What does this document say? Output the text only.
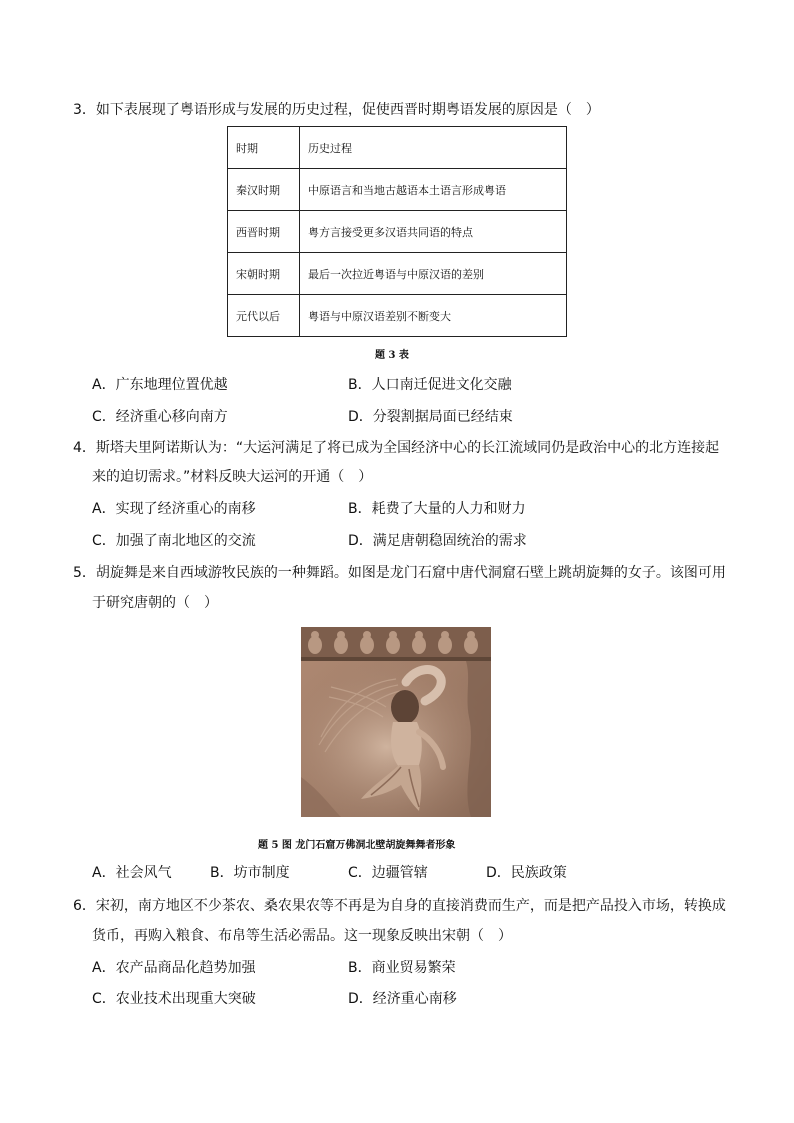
3．如下表展现了粤语形成与发展的历史过程，促使西晋时期粤语发展的原因是（　）
时期	历史过程
秦汉时期	中原语言和当地古越语本土语言形成粤语
西晋时期	粤方言接受更多汉语共同语的特点
宋朝时期	最后一次拉近粤语与中原汉语的差别
元代以后	粤语与中原汉语差别不断变大
题 3 表
A．广东地理位置优越	B．人口南迁促进文化交融
C．经济重心移向南方	D．分裂割据局面已经结束
4．斯塔夫里阿诺斯认为：“大运河满足了将已成为全国经济中心的长江流域同仍是政治中心的北方连接起
来的迫切需求。”材料反映大运河的开通（　）
A．实现了经济重心的南移	B．耗费了大量的人力和财力
C．加强了南北地区的交流	D．满足唐朝稳固统治的需求
5．胡旋舞是来自西域游牧民族的一种舞蹈。如图是龙门石窟中唐代洞窟石壁上跳胡旋舞的女子。该图可用
于研究唐朝的（　）
题 5 图 龙门石窟万佛洞北壁胡旋舞舞者形象
A．社会风气	B．坊市制度	C．边疆管辖	D．民族政策
6．宋初，南方地区不少茶农、桑农果农等不再是为自身的直接消费而生产，而是把产品投入市场，转换成
货币，再购入粮食、布帛等生活必需品。这一现象反映出宋朝（　）
A．农产品商品化趋势加强	B．商业贸易繁荣
C．农业技术出现重大突破	D．经济重心南移
